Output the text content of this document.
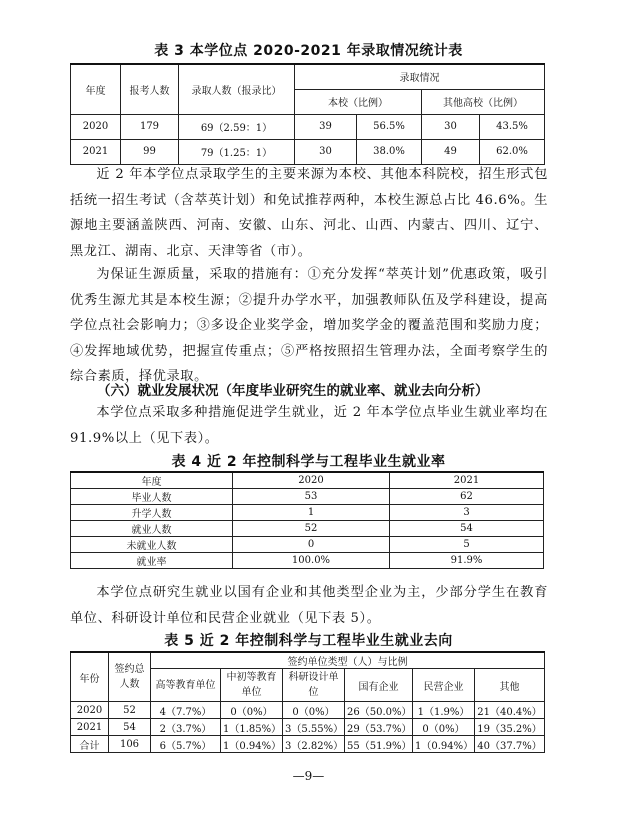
表 3 本学位点 2020-2021 年录取情况统计表
年度	报考人数	录取人数（报录比）	录取情况			
			本校（比例）		其他高校（比例）	
2020	179	69（2.59：1）	39	56.5%	30	43.5%
2021	99	79（1.25：1）	30	38.0%	49	62.0%

近 2 年本学位点录取学生的主要来源为本校、其他本科院校，招生形式包括统一招生考试（含萃英计划）和免试推荐两种，本校生源总占比 46.6%。生源地主要涵盖陕西、河南、安徽、山东、河北、山西、内蒙古、四川、辽宁、黑龙江、湖南、北京、天津等省（市）。

为保证生源质量，采取的措施有：①充分发挥“萃英计划”优惠政策，吸引优秀生源尤其是本校生源；②提升办学水平，加强教师队伍及学科建设，提高学位点社会影响力；③多设企业奖学金，增加奖学金的覆盖范围和奖励力度；④发挥地域优势，把握宣传重点；⑤严格按照招生管理办法，全面考察学生的综合素质，择优录取。

（六）就业发展状况（年度毕业研究生的就业率、就业去向分析）

本学位点采取多种措施促进学生就业，近 2 年本学位点毕业生就业率均在 91.9%以上（见下表）。

表 4 近 2 年控制科学与工程毕业生就业率
年度	2020	2021
毕业人数	53	62
升学人数	1	3
就业人数	52	54
未就业人数	0	5
就业率	100.0%	91.9%

本学位点研究生就业以国有企业和其他类型企业为主，少部分学生在教育单位、科研设计单位和民营企业就业（见下表 5）。

表 5 近 2 年控制科学与工程毕业生就业去向
年份	签约总人数	签约单位类型（人）与比例					
		高等教育单位	中初等教育单位	科研设计单位	国有企业	民营企业	其他
2020	52	4（7.7%）	0（0%）	0（0%）	26（50.0%）	1（1.9%）	21（40.4%）
2021	54	2（3.7%）	1（1.85%）	3（5.55%）	29（53.7%）	0（0%）	19（35.2%）
合计	106	6（5.7%）	1（0.94%）	3（2.82%）	55（51.9%）	1（0.94%）	40（37.7%）
—9—
